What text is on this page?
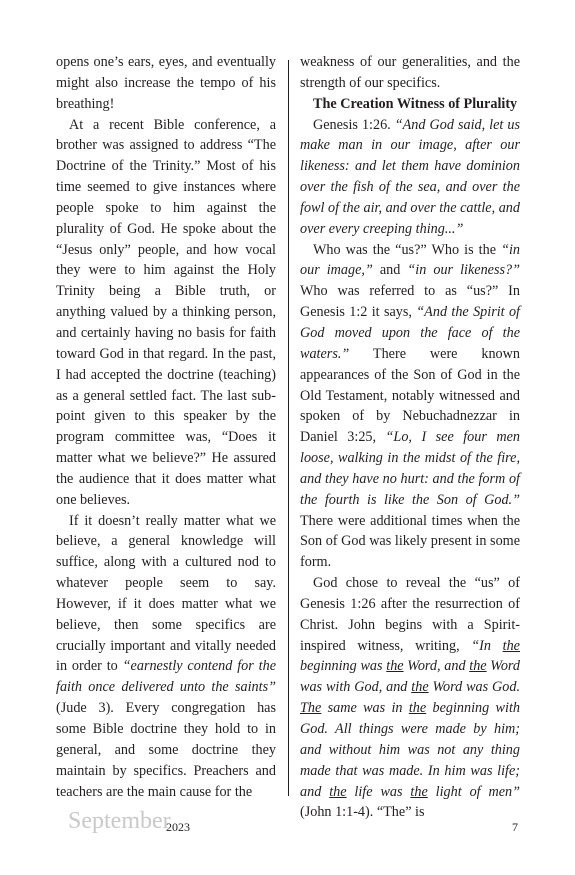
opens one’s ears, eyes, and eventually might also increase the tempo of his breathing!

At a recent Bible conference, a brother was assigned to address “The Doctrine of the Trinity.” Most of his time seemed to give instances where people spoke to him against the plurality of God. He spoke about the “Jesus only” people, and how vocal they were to him against the Holy Trinity being a Bible truth, or anything valued by a thinking person, and certainly having no basis for faith toward God in that regard. In the past, I had accepted the doctrine (teaching) as a general settled fact. The last sub-point given to this speaker by the program committee was, “Does it matter what we believe?” He assured the audience that it does matter what one believes.

If it doesn’t really matter what we believe, a general knowledge will suffice, along with a cultured nod to whatever people seem to say. However, if it does matter what we believe, then some specifics are crucially important and vitally needed in order to “earnestly contend for the faith once delivered unto the saints” (Jude 3). Every congregation has some Bible doctrine they hold to in general, and some doctrine they maintain by specifics. Preachers and teachers are the main cause for the

weakness of our generalities, and the strength of our specifics.

The Creation Witness of Plurality

Genesis 1:26. “And God said, let us make man in our image, after our likeness: and let them have dominion over the fish of the sea, and over the fowl of the air, and over the cattle, and over every creeping thing...”

Who was the “us?” Who is the “in our image,” and “in our likeness?” Who was referred to as “us?” In Genesis 1:2 it says, “And the Spirit of God moved upon the face of the waters.” There were known appearances of the Son of God in the Old Testament, notably witnessed and spoken of by Nebuchadnezzar in Daniel 3:25, “Lo, I see four men loose, walking in the midst of the fire, and they have no hurt: and the form of the fourth is like the Son of God.” There were additional times when the Son of God was likely present in some form.

God chose to reveal the “us” of Genesis 1:26 after the resurrection of Christ. John begins with a Spirit-inspired witness, writing, “In the beginning was the Word, and the Word was with God, and the Word was God. The same was in the beginning with God. All things were made by him; and without him was not any thing made that was made. In him was life; and the life was the light of men” (John 1:1-4). “The” is

September
2023	7
